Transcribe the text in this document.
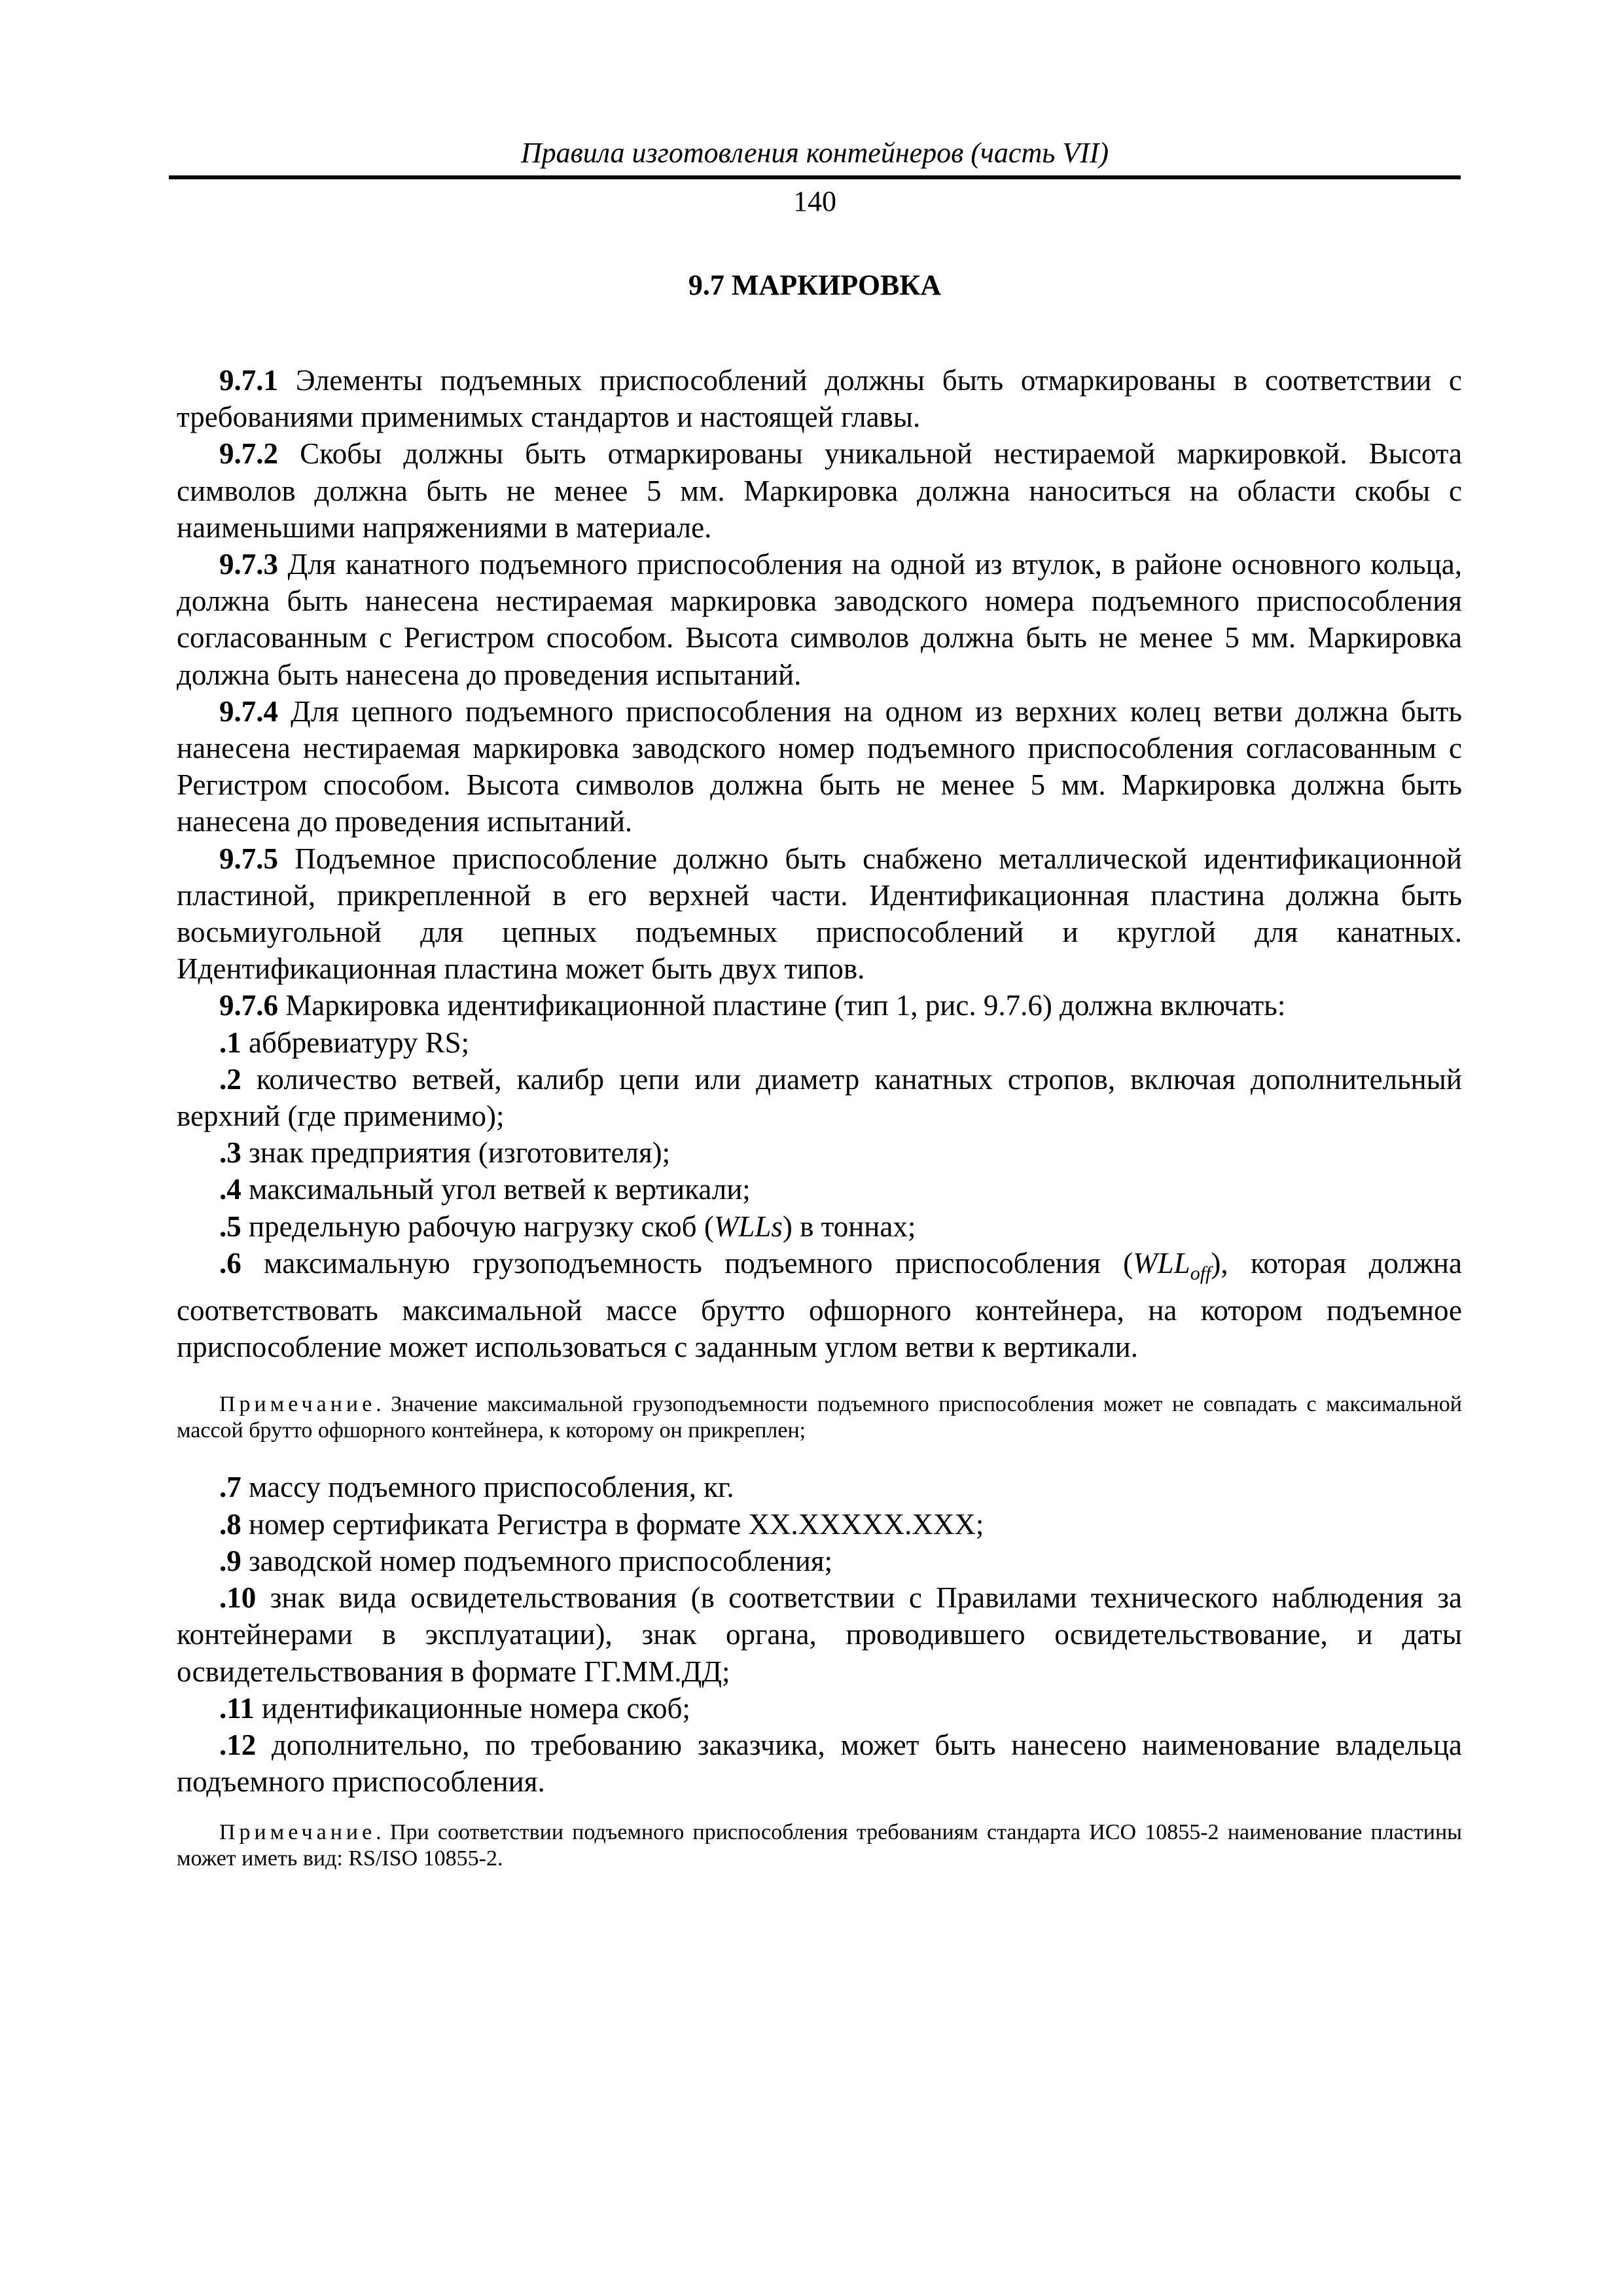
Правила изготовления контейнеров (часть VII)
140
9.7 МАРКИРОВКА

9.7.1 Элементы подъемных приспособлений должны быть отмаркированы в соответствии с требованиями применимых стандартов и настоящей главы.

9.7.2 Скобы должны быть отмаркированы уникальной нестираемой маркировкой. Высота символов должна быть не менее 5 мм. Маркировка должна наноситься на области скобы с наименьшими напряжениями в материале.

9.7.3 Для канатного подъемного приспособления на одной из втулок, в районе основного кольца, должна быть нанесена нестираемая маркировка заводского номера подъемного приспособления согласованным с Регистром способом. Высота символов должна быть не менее 5 мм. Маркировка должна быть нанесена до проведения испытаний.

9.7.4 Для цепного подъемного приспособления на одном из верхних колец ветви должна быть нанесена нестираемая маркировка заводского номер подъемного приспособления согласованным с Регистром способом. Высота символов должна быть не менее 5 мм. Маркировка должна быть нанесена до проведения испытаний.

9.7.5 Подъемное приспособление должно быть снабжено металлической идентификационной пластиной, прикрепленной в его верхней части. Идентификационная пластина должна быть восьмиугольной для цепных подъемных приспособлений и круглой для канатных. Идентификационная пластина может быть двух типов.

9.7.6 Маркировка идентификационной пластине (тип 1, рис. 9.7.6) должна включать:

.1 аббревиатуру RS;

.2 количество ветвей, калибр цепи или диаметр канатных стропов, включая дополнительный верхний (где применимо);

.3 знак предприятия (изготовителя);

.4 максимальный угол ветвей к вертикали;

.5 предельную рабочую нагрузку скоб (WLLs) в тоннах;

.6 максимальную грузоподъемность подъемного приспособления $(WLL_{off})$, которая должна соответствовать максимальной массе брутто офшорного контейнера, на котором подъемное приспособление может использоваться с заданным углом ветви к вертикали.

Примечание. Значение максимальной грузоподъемности подъемного приспособления может не совпадать с максимальной массой брутто офшорного контейнера, к которому он прикреплен;

.7 массу подъемного приспособления, кг.

.8 номер сертификата Регистра в формате XX.XXXXX.XXX;

.9 заводской номер подъемного приспособления;

.10 знак вида освидетельствования (в соответствии с Правилами технического наблюдения за контейнерами в эксплуатации), знак органа, проводившего освидетельствование, и даты освидетельствования в формате ГГ.ММ.ДД;

.11 идентификационные номера скоб;

.12 дополнительно, по требованию заказчика, может быть нанесено наименование владельца подъемного приспособления.

Примечание. При соответствии подъемного приспособления требованиям стандарта ИСО 10855-2 наименование пластины может иметь вид: RS/ISO 10855-2.
